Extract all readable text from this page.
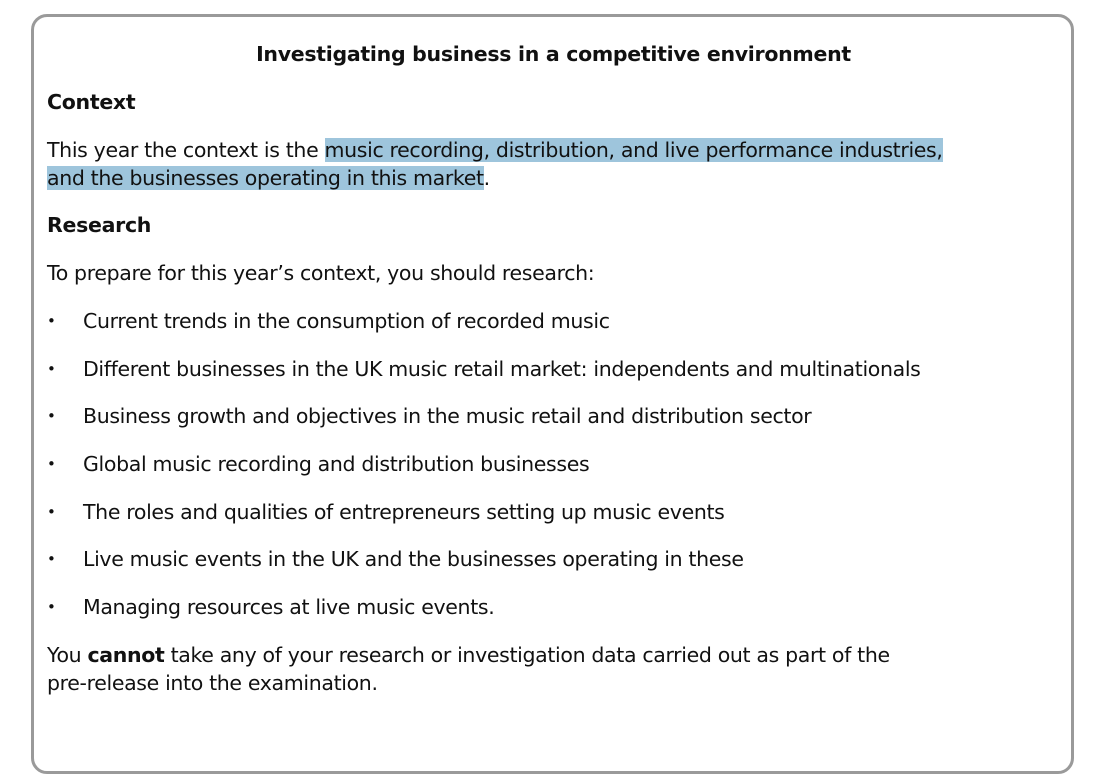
Investigating business in a competitive environment
Context
This year the context is the music recording, distribution, and live performance industries,
and the businesses operating in this market.
Research
To prepare for this year’s context, you should research:
•	Current trends in the consumption of recorded music
•	Different businesses in the UK music retail market: independents and multinationals
•	Business growth and objectives in the music retail and distribution sector
•	Global music recording and distribution businesses
•	The roles and qualities of entrepreneurs setting up music events
•	Live music events in the UK and the businesses operating in these
•	Managing resources at live music events.
You cannot take any of your research or investigation data carried out as part of the
pre-release into the examination.
